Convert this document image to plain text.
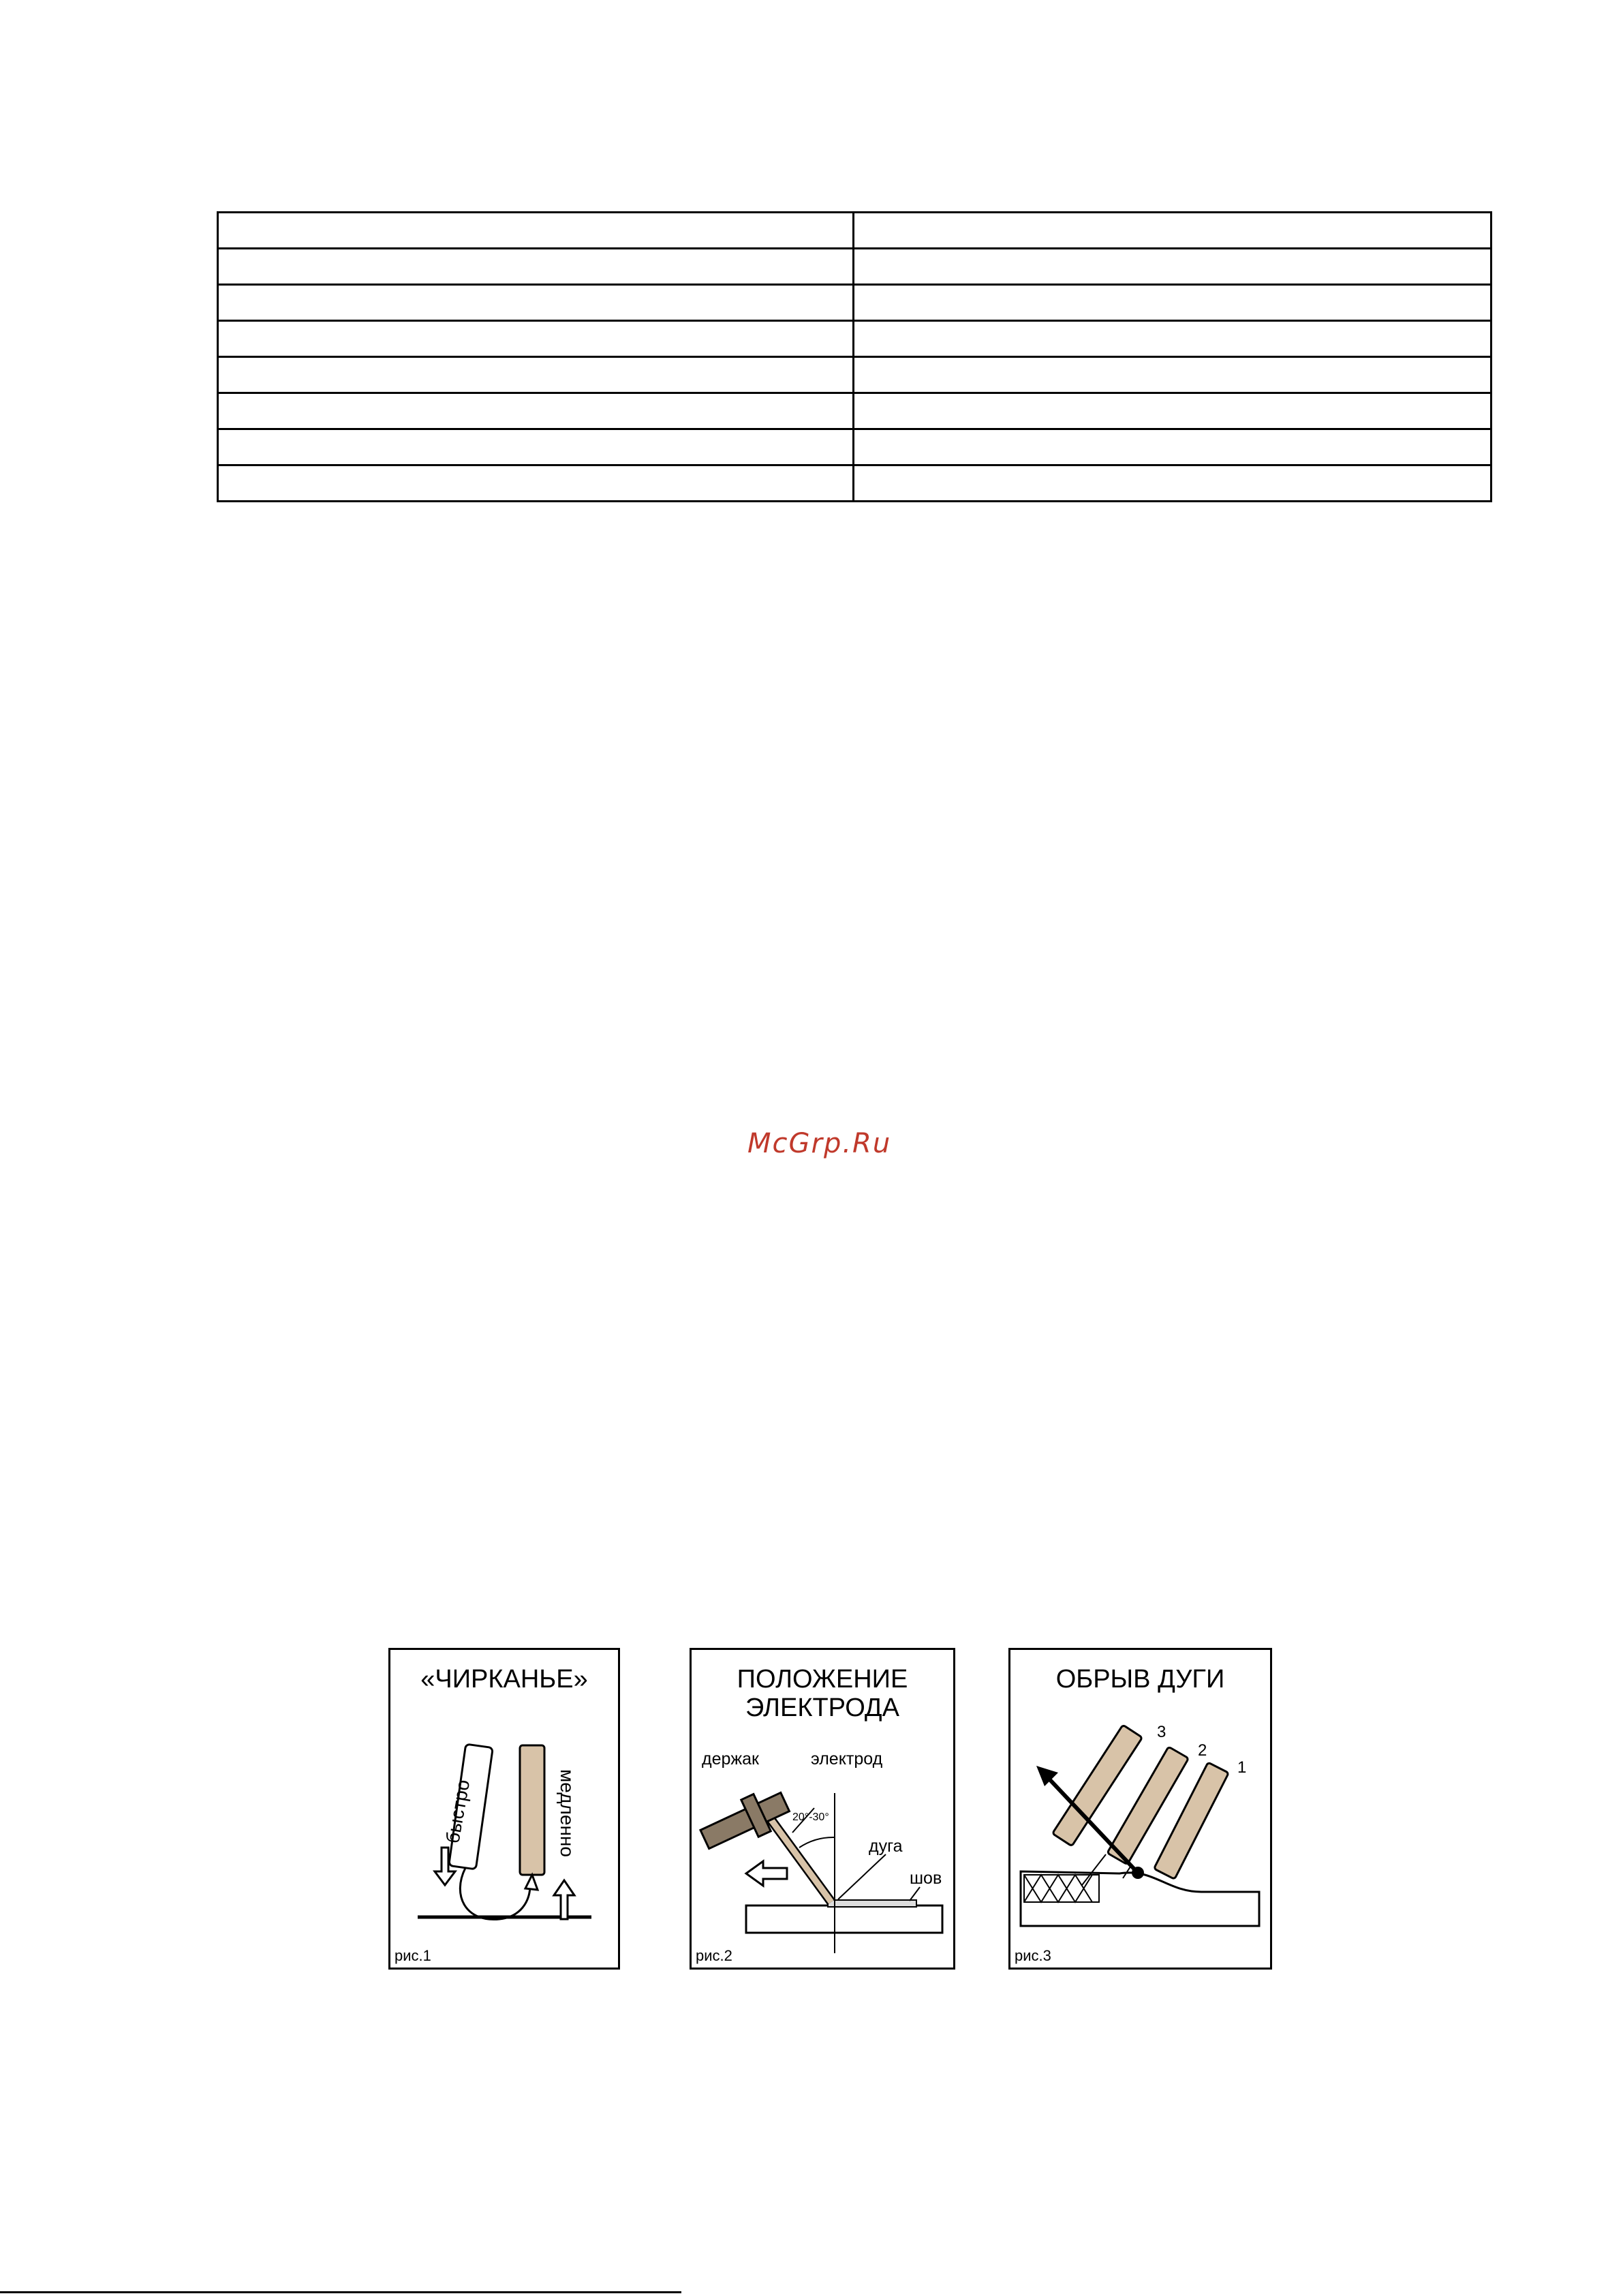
McGrp.Ru
«ЧИРКАНЬЕ»
быстро	медленно
рис.1
ПОЛОЖЕНИЕ
ЭЛЕКТРОДА
держак	электрод
20°-30°
дуга
шов
рис.2
ОБРЫВ ДУГИ
3
2
1
рис.3
